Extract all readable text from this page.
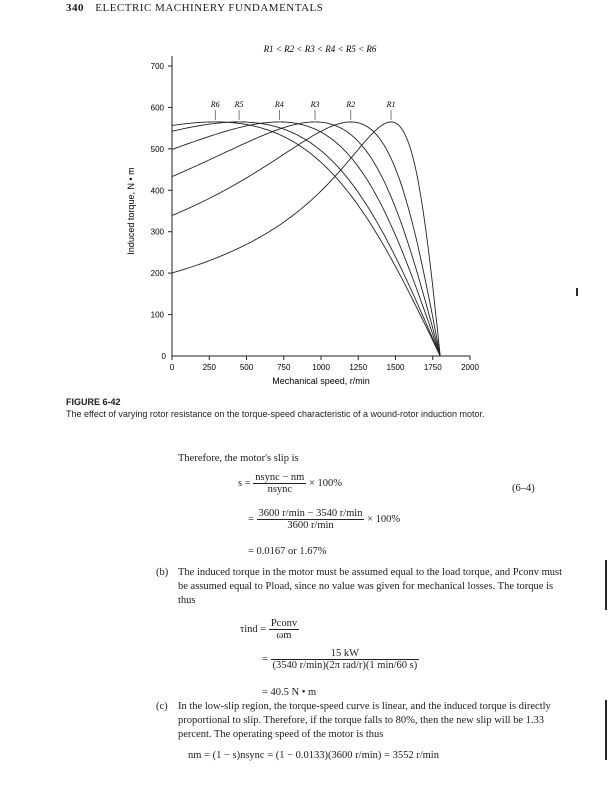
340 ELECTRIC MACHINERY FUNDAMENTALS
R1 < R2 < R3 < R4 < R5 < R6
0	250	500	750	1000 1250 1500 1750 2000
0
100
200
300
400
500
600
700
Mechanical speed, r/min
Induced torque, N • m
R1
R2
R3
R4
R5
R6
FIGURE 6-42
The effect of varying rotor resistance on the torque-speed characteristic of a wound-rotor induction motor.
Therefore, the motor's slip is
$s = \frac{\text{nsync − nm}}{\text{nsync}} \times 100\%$	(6–4)
= $\frac{3600 r/\min - 3540 r/\min}{3600 r/\min} \times 100\%$
= 0.0167 or 1.67%
(b) The induced torque in the motor must be assumed equal to the load torque, and Pconv must be assumed equal to Pload, since no value was given for mechanical losses. The torque is thus
$\tau ind = \frac{\text{Pconv}}{\omega m}$
= $\frac{15 kW}{\text{(3540 r/min)(2π rad/r)(1 min/60 s)}}$
= 40.5 N • m
(c) In the low-slip region, the torque-speed curve is linear, and the induced torque is directly proportional to slip. Therefore, if the torque falls to 80%, then the new slip will be 1.33 percent. The operating speed of the motor is thus
nm = (1 − s)nsync = (1 − 0.0133)(3600 r/min) = 3552 r/min
